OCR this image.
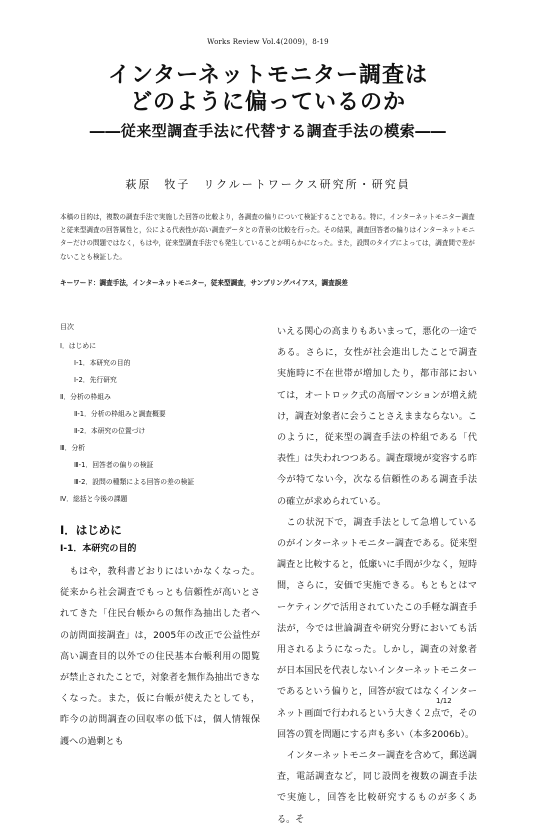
Works Review Vol.4(2009)，8-19
インターネットモニター調査は
どのように偏っているのか
――従来型調査手法に代替する調査手法の模索――
萩原　牧子　リクルートワークス研究所・研究員
本稿の目的は，複数の調査手法で実施した回答の比較より，各調査の偏りについて検証することである。特に，インターネットモニター調査と従来型調査の回答属性と，公による代表性が高い調査データとの背景の比較を行った。その結果，調査回答者の偏りはインターネットモニターだけの問題ではなく，もはや，従来型調査手法でも発生していることが明らかになった。また，設問のタイプによっては，調査間で差がないことも検証した。
キーワード：調査手法，インターネットモニター，従来型調査，サンプリングバイアス，調査誤差
目次
Ⅰ．はじめに
Ⅰ-1．本研究の目的
Ⅰ-2．先行研究
Ⅱ．分析の枠組み
Ⅱ-1．分析の枠組みと調査概要
Ⅱ-2．本研究の位置づけ
Ⅲ．分析
Ⅲ-1．回答者の偏りの検証
Ⅲ-2．設問の種類による回答の差の検証
Ⅳ．総括と今後の課題
Ⅰ．はじめに
Ⅰ-1．本研究の目的

もはや，教科書どおりにはいかなくなった。従来から社会調査でもっとも信頼性が高いとされてきた「住民台帳からの無作為抽出した者への訪問面接調査」は，2005年の改正で公益性が高い調査目的以外での住民基本台帳利用の閲覧が禁止されたことで，対象者を無作為抽出できなくなった。また，仮に台帳が使えたとしても，昨今の訪問調査の回収率の低下は，個人情報保護への過剰とも

いえる関心の高まりもあいまって，悪化の一途である。さらに，女性が社会進出したことで調査実施時に不在世帯が増加したり，都市部においては，オートロック式の高層マンションが増え続け，調査対象者に会うことさえままならない。このように，従来型の調査手法の枠組である「代表性」は失われつつある。調査環境が変容する昨今が特てない今，次なる信頼性のある調査手法の確立が求められている。

この状況下で，調査手法として急増しているのがインターネットモニター調査である。従来型調査と比較すると，低廉いに手間が少なく，短時間，さらに，安価で実施できる。もともとはマーケティングで活用されていたこの手軽な調査手法が，今では世論調査や研究分野においても活用されるようになった。しかし，調査の対象者が日本国民を代表しないインターネットモニターであるという偏りと，回答が寂てはなくインターネット画面で行われるという大きく２点で，その回答の質を問題にする声も多い（本多2006b）。

インターネットモニター調査を含めて，郵送調査，電話調査など，同じ設問を複数の調査手法で実施し，回答を比較研究するものが多くある。そ

1/12
